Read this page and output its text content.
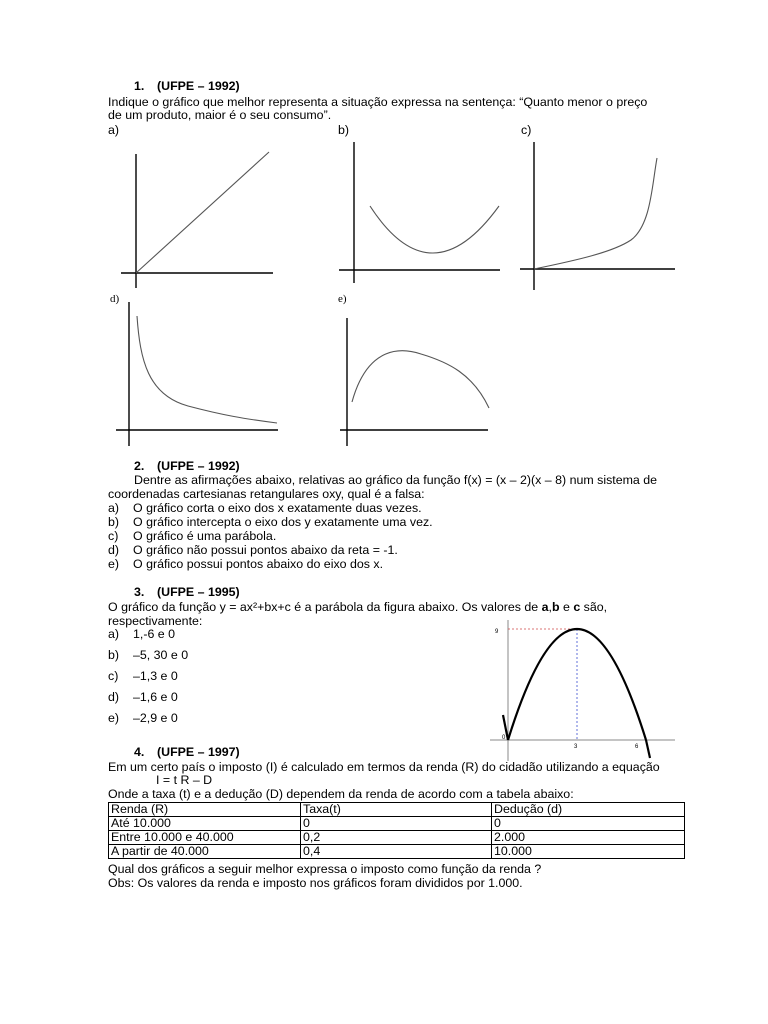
1. (UFPE – 1992)
Indique o gráfico que melhor representa a situação expressa na sentença: “Quanto menor o preço
de um produto, maior é o seu consumo”.
a)	b)	c)
d)	e)
2. (UFPE – 1992)
Dentre as afirmações abaixo, relativas ao gráfico da função f(x) = (x – 2)(x – 8) num sistema de
coordenadas cartesianas retangulares oxy, qual é a falsa:
a) O gráfico corta o eixo dos x exatamente duas vezes.
b) O gráfico intercepta o eixo dos y exatamente uma vez.
c) O gráfico é uma parábola.
d) O gráfico não possui pontos abaixo da reta = -1.
e) O gráfico possui pontos abaixo do eixo dos x.
3. (UFPE – 1995)
O gráfico da função y = ax²+bx+c é a parábola da figura abaixo. Os valores de a,b e c são,
respectivamente:
a) 1,-6 e 0
b) –5, 30 e 0
c) –1,3 e 0
d) –1,6 e 0
e) –2,9 e 0
9
0
3	6
4. (UFPE – 1997)
Em um certo país o imposto (I) é calculado em termos da renda (R) do cidadão utilizando a equação
I = t R – D
Onde a taxa (t) e a dedução (D) dependem da renda de acordo com a tabela abaixo:
Renda (R)	Taxa(t)	Dedução (d)
Até 10.000	0	0
Entre 10.000 e 40.000	0,2	2.000
A partir de 40.000	0,4	10.000
Qual dos gráficos a seguir melhor expressa o imposto como função da renda ?
Obs: Os valores da renda e imposto nos gráficos foram divididos por 1.000.
